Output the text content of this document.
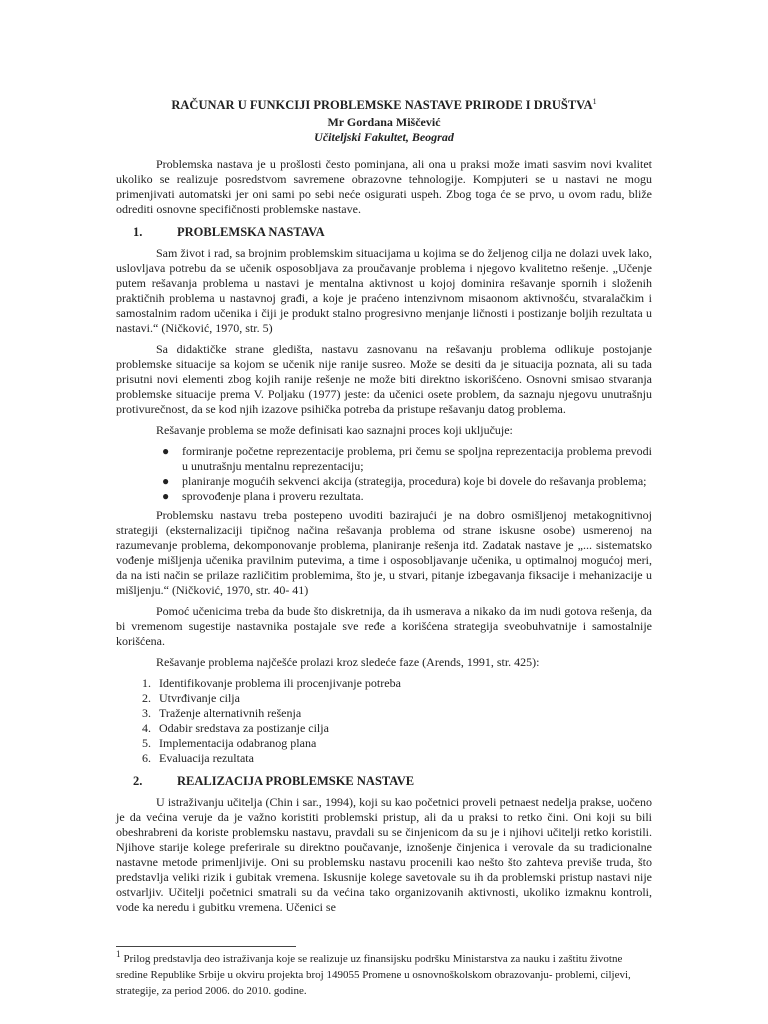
RAČUNAR U FUNKCIJI PROBLEMSKE NASTAVE PRIRODE I DRUŠTVA$^1$
Mr Gordana Miščević
Učiteljski Fakultet, Beograd

Problemska nastava je u prošlosti često pominjana, ali ona u praksi može imati sasvim novi kvalitet ukoliko se realizuje posredstvom savremene obrazovne tehnologije. Kompjuteri se u nastavi ne mogu primenjivati automatski jer oni sami po sebi neće osigurati uspeh. Zbog toga će se prvo, u ovom radu, bliže odrediti osnovne specifičnosti problemske nastave.

1.	PROBLEMSKA NASTAVA

Sam život i rad, sa brojnim problemskim situacijama u kojima se do željenog cilja ne dolazi uvek lako, uslovljava potrebu da se učenik osposobljava za proučavanje problema i njegovo kvalitetno rešenje. „Učenje putem rešavanja problema u nastavi je mentalna aktivnost u kojoj dominira rešavanje spornih i složenih praktičnih problema u nastavnoj građi, a koje je praćeno intenzivnom misaonom aktivnošću, stvaralačkim i samostalnim radom učenika i čiji je produkt stalno progresivno menjanje ličnosti i postizanje boljih rezultata u nastavi.“ (Ničković, 1970, str. 5)

Sa didaktičke strane gledišta, nastavu zasnovanu na rešavanju problema odlikuje postojanje problemske situacije sa kojom se učenik nije ranije susreo. Može se desiti da je situacija poznata, ali su tada prisutni novi elementi zbog kojih ranije rešenje ne može biti direktno iskorišćeno. Osnovni smisao stvaranja problemske situacije prema V. Poljaku (1977) jeste: da učenici osete problem, da saznaju njegovu unutrašnju protivurečnost, da se kod njih izazove psihička potreba da pristupe rešavanju datog problema.

Rešavanje problema se može definisati kao saznajni proces koji uključuje:

● formiranje početne reprezentacije problema, pri čemu se spoljna reprezentacija problema prevodi u unutrašnju mentalnu reprezentaciju;
● planiranje mogućih sekvenci akcija (strategija, procedura) koje bi dovele do rešavanja problema;
● sprovođenje plana i proveru rezultata.

Problemsku nastavu treba postepeno uvoditi bazirajući je na dobro osmišljenoj metakognitivnoj strategiji (eksternalizaciji tipičnog načina rešavanja problema od strane iskusne osobe) usmerenoj na razumevanje problema, dekomponovanje problema, planiranje rešenja itd. Zadatak nastave je „... sistematsko vođenje mišljenja učenika pravilnim putevima, a time i osposobljavanje učenika, u optimalnoj mogućoj meri, da na isti način se prilaze različitim problemima, što je, u stvari, pitanje izbegavanja fiksacije i mehanizacije u mišljenju.“ (Ničković, 1970, str. 40- 41)

Pomoć učenicima treba da bude što diskretnija, da ih usmerava a nikako da im nudi gotova rešenja, da bi vremenom sugestije nastavnika postajale sve ređe a korišćena strategija sveobuhvatnije i samostalnije korišćena.

Rešavanje problema najčešće prolazi kroz sledeće faze (Arends, 1991, str. 425):

1. Identifikovanje problema ili procenjivanje potreba
2. Utvrđivanje cilja
3. Traženje alternativnih rešenja
4. Odabir sredstava za postizanje cilja
5. Implementacija odabranog plana
6. Evaluacija rezultata
2.	REALIZACIJA PROBLEMSKE NASTAVE

U istraživanju učitelja (Chin i sar., 1994), koji su kao početnici proveli petnaest nedelja prakse, uočeno je da većina veruje da je važno koristiti problemski pristup, ali da u praksi to retko čini. Oni koji su bili obeshrabreni da koriste problemsku nastavu, pravdali su se činjenicom da su je i njihovi učitelji retko koristili. Njihove starije kolege preferirale su direktno poučavanje, iznošenje činjenica i verovale da su tradicionalne nastavne metode primenljivije. Oni su problemsku nastavu procenili kao nešto što zahteva previše truda, što predstavlja veliki rizik i gubitak vremena. Iskusnije kolege savetovale su ih da problemski pristup nastavi nije ostvarljiv. Učitelji početnici smatrali su da većina tako organizovanih aktivnosti, ukoliko izmaknu kontroli, vode ka neredu i gubitku vremena. Učenici se

$^1$ Prilog predstavlja deo istraživanja koje se realizuje uz finansijsku podršku Ministarstva za nauku i zaštitu životne sredine Republike Srbije u okviru projekta broj 149055 Promene u osnovnoškolskom obrazovanju- problemi, ciljevi, strategije, za period 2006. do 2010. godine.
